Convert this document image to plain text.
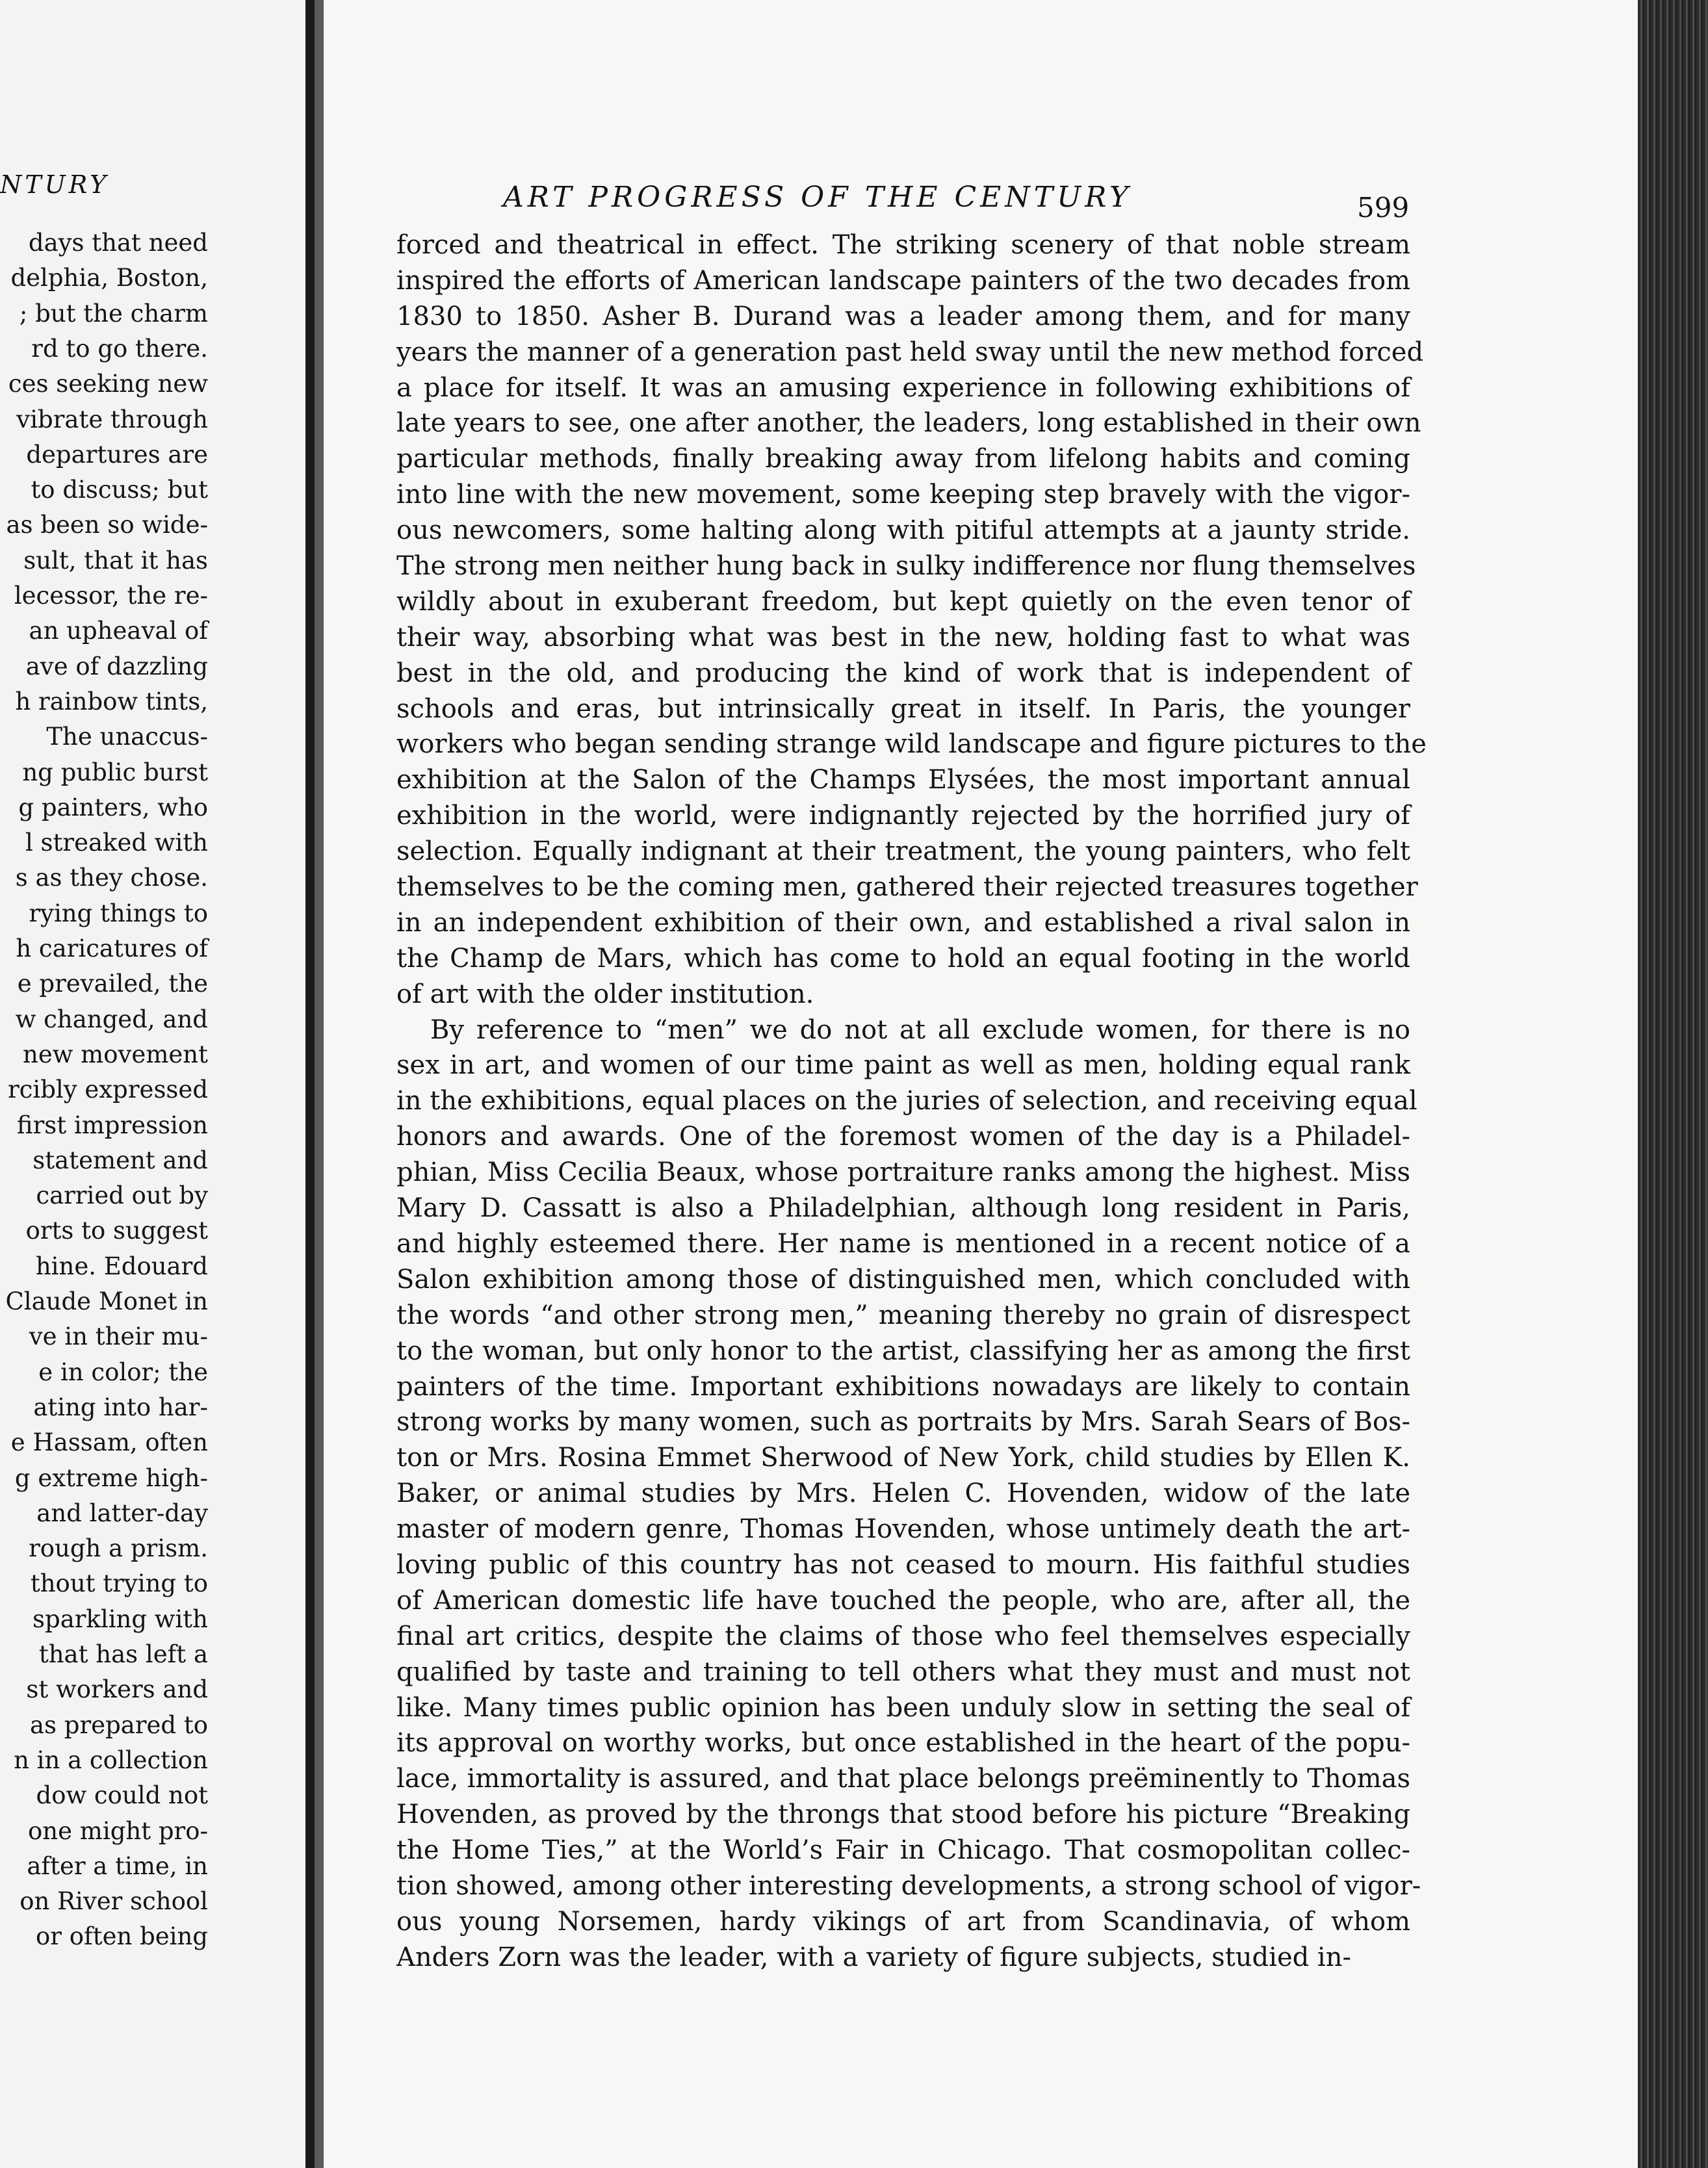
NTURY
days that need
delphia, Boston,
; but the charm
rd to go there.
ces seeking new
vibrate through
departures are
to discuss; but
as been so wide-
sult, that it has
lecessor, the re-
an upheaval of
ave of dazzling
h rainbow tints,
The unaccus-
ng public burst
g painters, who
l streaked with
s as they chose.
rying things to
h caricatures of
e prevailed, the
w changed, and
new movement
rcibly expressed
first impression
statement and
carried out by
orts to suggest
hine. Edouard
Claude Monet in
ve in their mu-
e in color; the
ating into har-
e Hassam, often
g extreme high-
and latter-day
rough a prism.
thout trying to
sparkling with
that has left a
st workers and
as prepared to
n in a collection
dow could not
one might pro-
after a time, in
on River school
or often being
ART PROGRESS OF THE CENTURY	599
forced and theatrical in effect. The striking scenery of that noble stream
inspired the efforts of American landscape painters of the two decades from
1830 to 1850. Asher B. Durand was a leader among them, and for many
years the manner of a generation past held sway until the new method forced
a place for itself. It was an amusing experience in following exhibitions of
late years to see, one after another, the leaders, long established in their own
particular methods, finally breaking away from lifelong habits and coming
into line with the new movement, some keeping step bravely with the vigor-
ous newcomers, some halting along with pitiful attempts at a jaunty stride.
The strong men neither hung back in sulky indifference nor flung themselves
wildly about in exuberant freedom, but kept quietly on the even tenor of
their way, absorbing what was best in the new, holding fast to what was
best in the old, and producing the kind of work that is independent of
schools and eras, but intrinsically great in itself. In Paris, the younger
workers who began sending strange wild landscape and figure pictures to the
exhibition at the Salon of the Champs Elysées, the most important annual
exhibition in the world, were indignantly rejected by the horrified jury of
selection. Equally indignant at their treatment, the young painters, who felt
themselves to be the coming men, gathered their rejected treasures together
in an independent exhibition of their own, and established a rival salon in
the Champ de Mars, which has come to hold an equal footing in the world
of art with the older institution.
By reference to “men” we do not at all exclude women, for there is no
sex in art, and women of our time paint as well as men, holding equal rank
in the exhibitions, equal places on the juries of selection, and receiving equal
honors and awards. One of the foremost women of the day is a Philadel-
phian, Miss Cecilia Beaux, whose portraiture ranks among the highest. Miss
Mary D. Cassatt is also a Philadelphian, although long resident in Paris,
and highly esteemed there. Her name is mentioned in a recent notice of a
Salon exhibition among those of distinguished men, which concluded with
the words “and other strong men,” meaning thereby no grain of disrespect
to the woman, but only honor to the artist, classifying her as among the first
painters of the time. Important exhibitions nowadays are likely to contain
strong works by many women, such as portraits by Mrs. Sarah Sears of Bos-
ton or Mrs. Rosina Emmet Sherwood of New York, child studies by Ellen K.
Baker, or animal studies by Mrs. Helen C. Hovenden, widow of the late
master of modern genre, Thomas Hovenden, whose untimely death the art-
loving public of this country has not ceased to mourn. His faithful studies
of American domestic life have touched the people, who are, after all, the
final art critics, despite the claims of those who feel themselves especially
qualified by taste and training to tell others what they must and must not
like. Many times public opinion has been unduly slow in setting the seal of
its approval on worthy works, but once established in the heart of the popu-
lace, immortality is assured, and that place belongs preëminently to Thomas
Hovenden, as proved by the throngs that stood before his picture “Breaking
the Home Ties,” at the World’s Fair in Chicago. That cosmopolitan collec-
tion showed, among other interesting developments, a strong school of vigor-
ous young Norsemen, hardy vikings of art from Scandinavia, of whom
Anders Zorn was the leader, with a variety of figure subjects, studied in-
